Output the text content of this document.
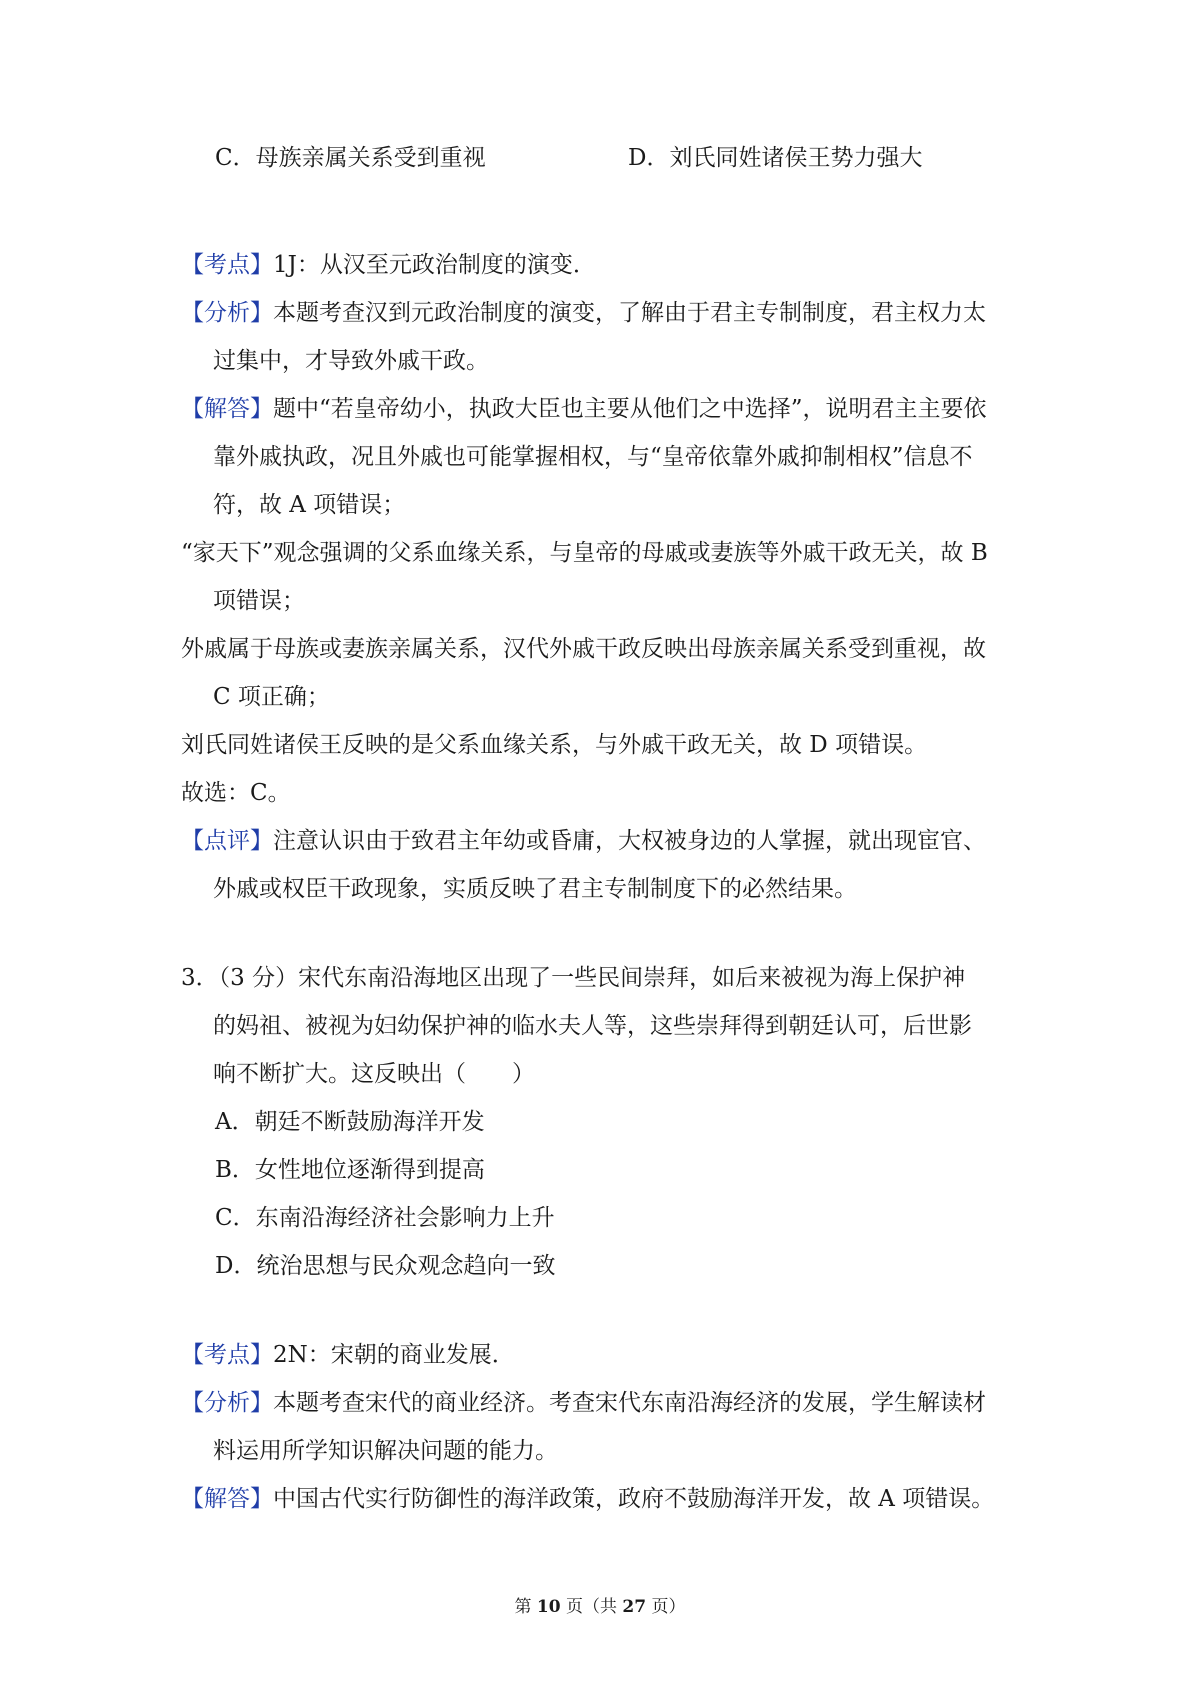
C．母族亲属关系受到重视	D．刘氏同姓诸侯王势力强大
【考点】1J：从汉至元政治制度的演变．
【分析】本题考查汉到元政治制度的演变，了解由于君主专制制度，君主权力太
过集中，才导致外戚干政。
【解答】题中“若皇帝幼小，执政大臣也主要从他们之中选择”，说明君主主要依
靠外戚执政，况且外戚也可能掌握相权，与“皇帝依靠外戚抑制相权”信息不
符，故 A 项错误；
“家天下”观念强调的父系血缘关系，与皇帝的母戚或妻族等外戚干政无关，故 B
项错误；
外戚属于母族或妻族亲属关系，汉代外戚干政反映出母族亲属关系受到重视，故
C 项正确；
刘氏同姓诸侯王反映的是父系血缘关系，与外戚干政无关，故 D 项错误。
故选：C。
【点评】注意认识由于致君主年幼或昏庸，大权被身边的人掌握，就出现宦官、
外戚或权臣干政现象，实质反映了君主专制制度下的必然结果。
3．（3 分）宋代东南沿海地区出现了一些民间崇拜，如后来被视为海上保护神
的妈祖、被视为妇幼保护神的临水夫人等，这些崇拜得到朝廷认可，后世影
响不断扩大。这反映出（　　）
A．朝廷不断鼓励海洋开发
B．女性地位逐渐得到提高
C．东南沿海经济社会影响力上升
D．统治思想与民众观念趋向一致
【考点】2N：宋朝的商业发展．
【分析】本题考查宋代的商业经济。考查宋代东南沿海经济的发展，学生解读材
料运用所学知识解决问题的能力。
【解答】中国古代实行防御性的海洋政策，政府不鼓励海洋开发，故 A 项错误。
第 10 页（共 27 页）
